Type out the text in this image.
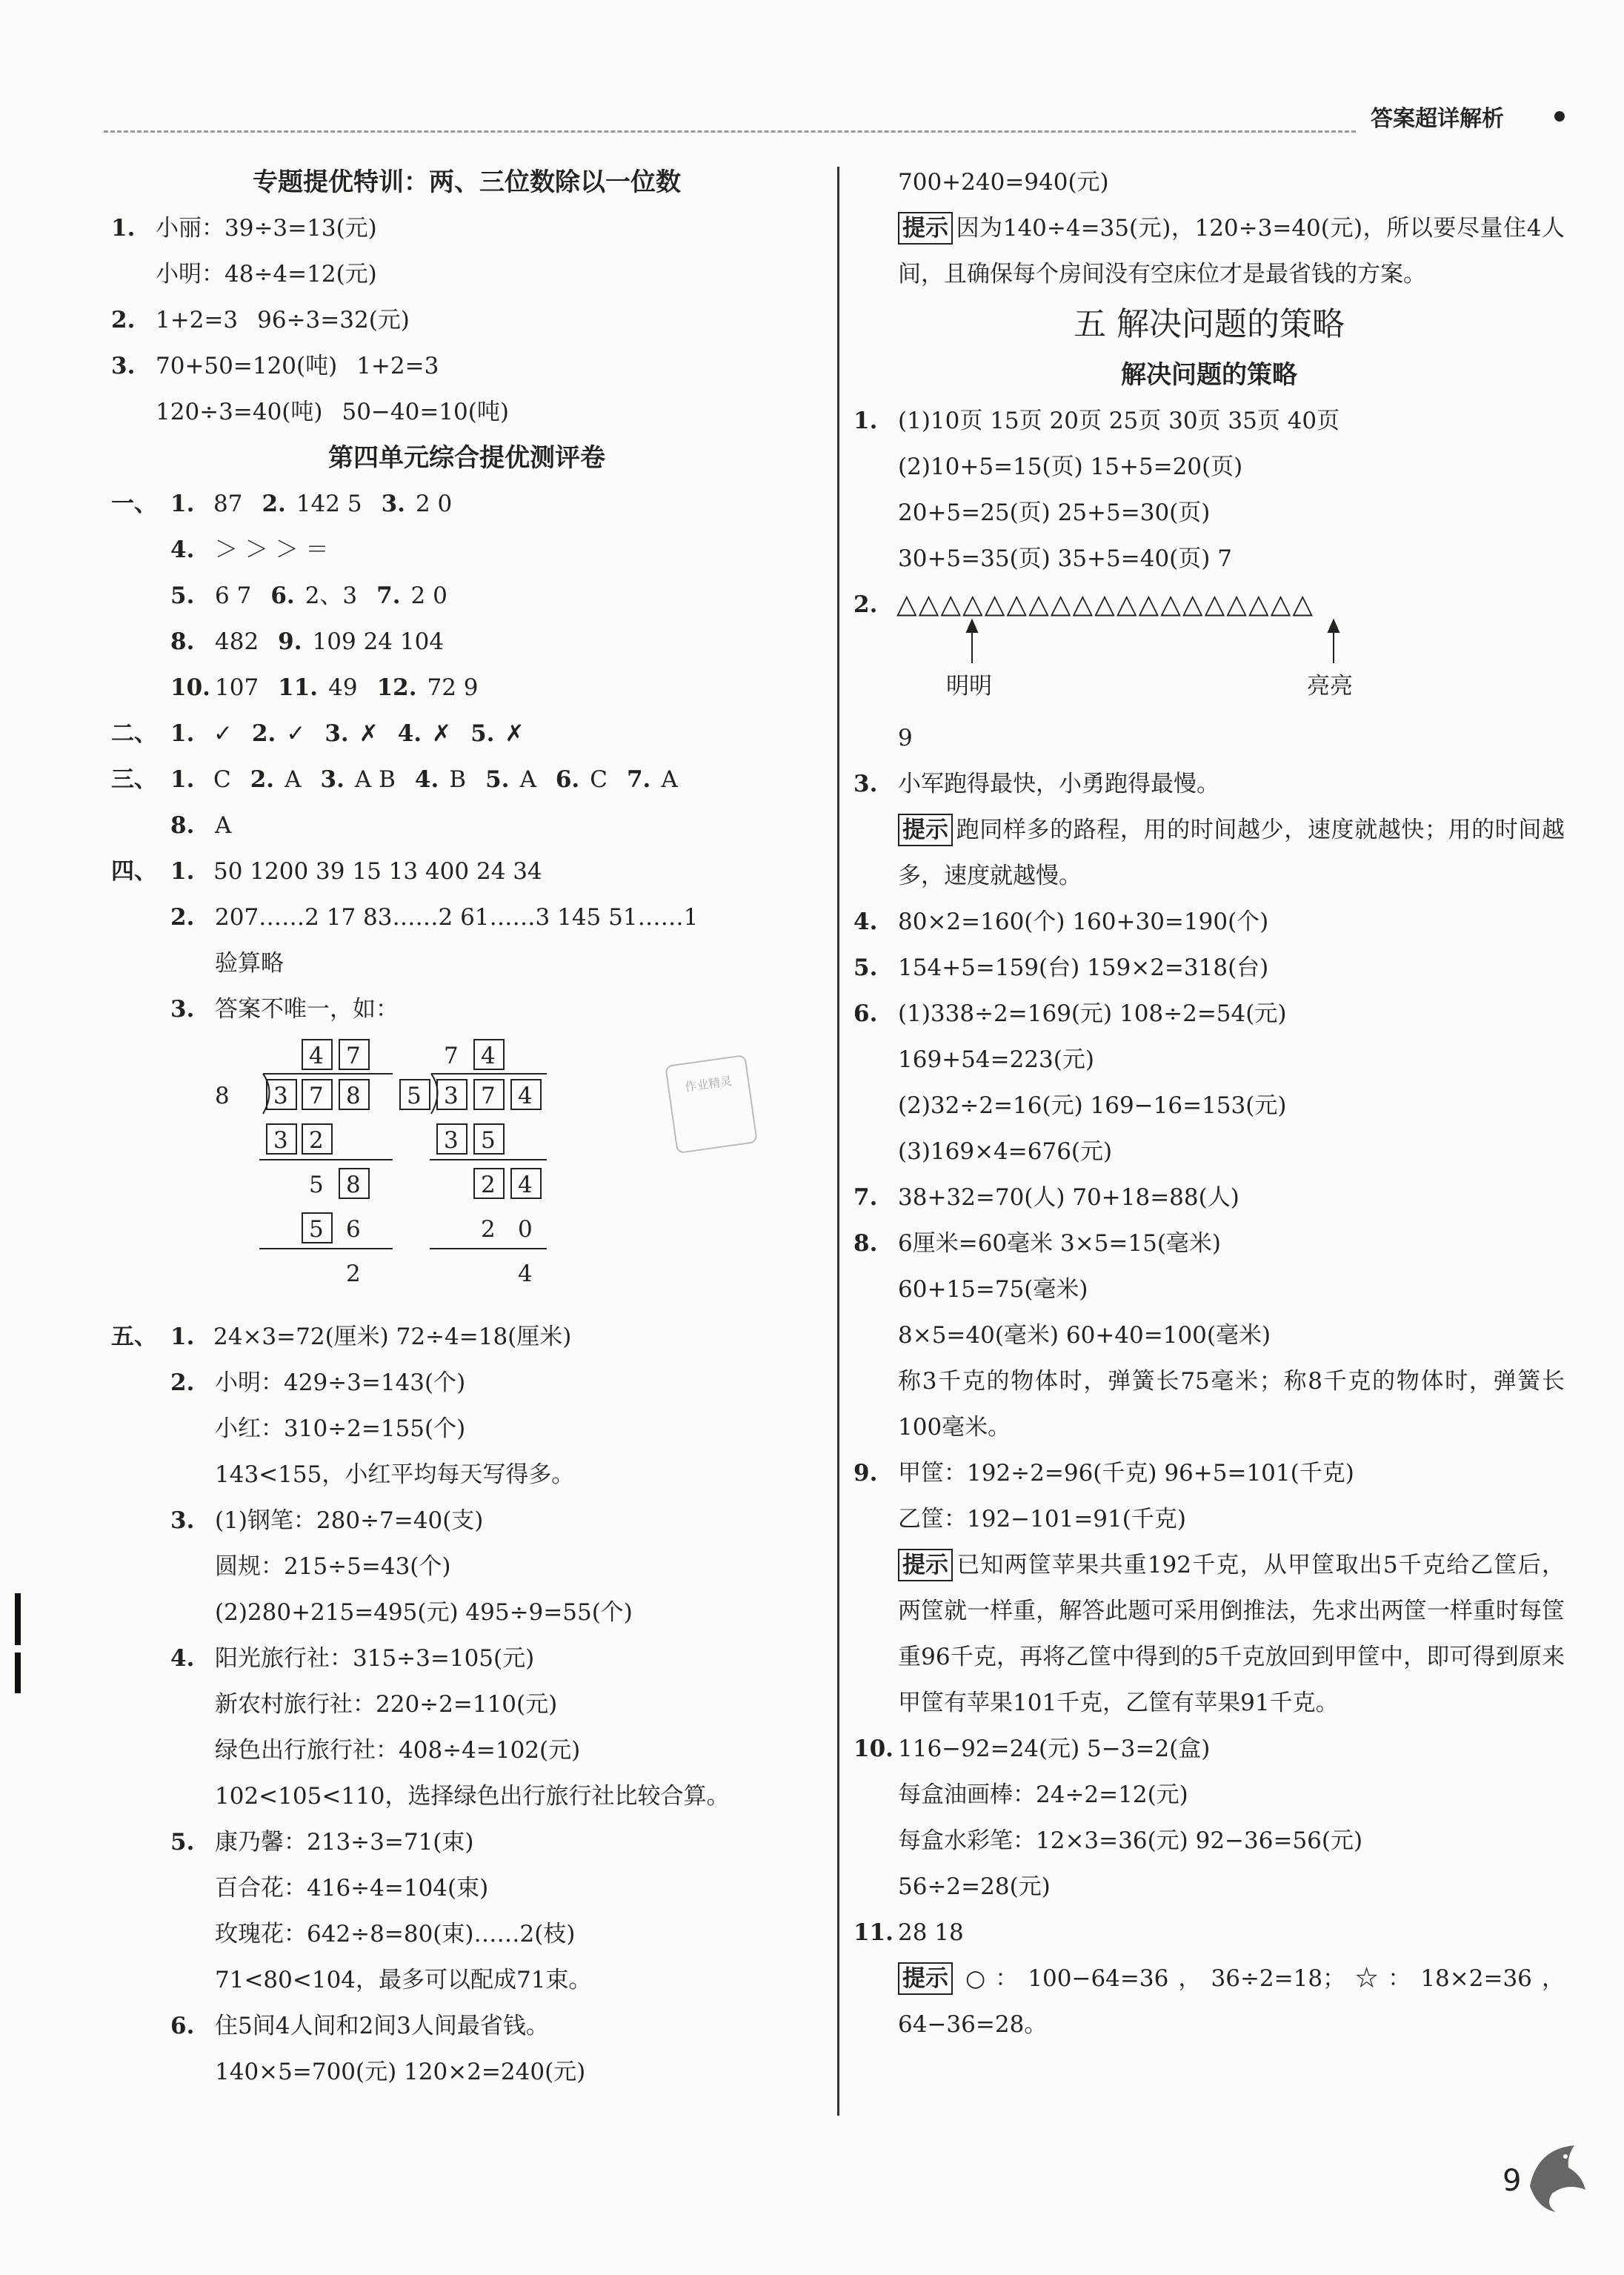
答案超详解析
专题提优特训：两、三位数除以一位数
1. 小丽：39÷3=13(元)
小明：48÷4=12(元)
2. 1+2=3 96÷3=32(元)
3. 70+50=120(吨) 1+2=3
120÷3=40(吨) 50−40=10(吨)
第四单元综合提优测评卷
一、 1. 87 2. 142 5 3. 2 0
4. ＞ ＞ ＞ ＝
5. 6 7 6. 2、3 7. 2 0
8. 482 9. 109 24 104
10. 107 11. 49 12. 72 9
二、 1. ✓ 2. ✓ 3. ✗ 4. ✗ 5. ✗
三、 1. C 2. A 3. A B 4. B 5. A 6. C 7. A
8. A
四、 1. 50 1200 39 15 13 400 24 34
2. 207……2 17 83……2 61……3 145 51……1
验算略
3. 答案不唯一，如：
4 7
8 3 7 8
3 2
5 8
5 6
2
7 4
5 3 7 4
3 5
2 4
2 0
4
五、 1. 24×3=72(厘米) 72÷4=18(厘米)
2. 小明：429÷3=143(个)
小红：310÷2=155(个)
143<155，小红平均每天写得多。
3. (1)钢笔：280÷7=40(支)
圆规：215÷5=43(个)
(2)280+215=495(元) 495÷9=55(个)
4. 阳光旅行社：315÷3=105(元)
新农村旅行社：220÷2=110(元)
绿色出行旅行社：408÷4=102(元)
102<105<110，选择绿色出行旅行社比较合算。
5. 康乃馨：213÷3=71(束)
百合花：416÷4=104(束)
玫瑰花：642÷8=80(束)……2(枝)
71<80<104，最多可以配成71束。
6. 住5间4人间和2间3人间最省钱。
140×5=700(元) 120×2=240(元)
作业精灵
700+240=940(元)
提示 因为140÷4=35(元)，120÷3=40(元)，所以要尽量住4人间，且确保每个房间没有空床位才是最省钱的方案。
五 解决问题的策略
解决问题的策略
1. (1)10页 15页 20页 25页 30页 35页 40页
(2)10+5=15(页) 15+5=20(页)
20+5=25(页) 25+5=30(页)
30+5=35(页) 35+5=40(页) 7
2. △△△△△△△△△△△△△△△△△△△
明明	亮亮
9
3. 小军跑得最快，小勇跑得最慢。
提示 跑同样多的路程，用的时间越少，速度就越快；用的时间越多，速度就越慢。
4. 80×2=160(个) 160+30=190(个)
5. 154+5=159(台) 159×2=318(台)
6. (1)338÷2=169(元) 108÷2=54(元)
169+54=223(元)
(2)32÷2=16(元) 169−16=153(元)
(3)169×4=676(元)
7. 38+32=70(人) 70+18=88(人)
8. 6厘米=60毫米 3×5=15(毫米)
60+15=75(毫米)
8×5=40(毫米) 60+40=100(毫米)
称3千克的物体时，弹簧长75毫米；称8千克的物体时，弹簧长100毫米。
9. 甲筐：192÷2=96(千克) 96+5=101(千克)
乙筐：192−101=91(千克)
提示 已知两筐苹果共重192千克，从甲筐取出5千克给乙筐后，两筐就一样重，解答此题可采用倒推法，先求出两筐一样重时每筐重96千克，再将乙筐中得到的5千克放回到甲筐中，即可得到原来甲筐有苹果101千克，乙筐有苹果91千克。
10. 116−92=24(元) 5−3=2(盒)
每盒油画棒：24÷2=12(元)
每盒水彩笔：12×3=36(元) 92−36=56(元)
56÷2=28(元)
11. 28 18
提示 ○：100−64=36，36÷2=18；☆：18×2=36，64−36=28。
9
